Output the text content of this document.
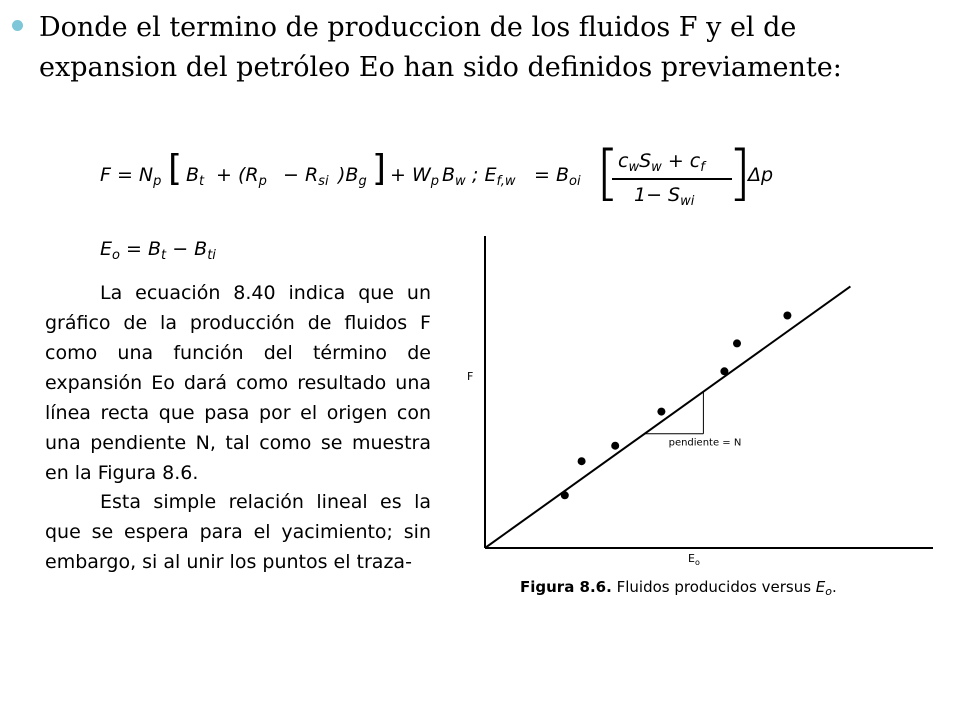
Donde el termino de produccion de los fluidos F y el de expansion del petróleo Eo han sido definidos previamente:
$F = N_p$ [ $B_t + (R_p - R_{si}$ )$B_g$ ] + $W_p$ $B_w$ ; $E_{f,w} = B_{oi}$ [
$c_wS_w + c_f$
$1- S_{wi}$ ]
Δp
$E_o = B_t - B_{ti}$
La ecuación 8.40 indica que un gráfico de la producción de fluidos F como una función del término de expansión Eo dará como resultado una línea recta que pasa por el origen con una pendiente N, tal como se muestra en la Figura 8.6.
Esta simple relación lineal es la que se espera para el yacimiento; sin embargo, si al unir los puntos el traza-
F
$E_o$
pendiente = N
Figura 8.6. Fluidos producidos versus $E_o$.
